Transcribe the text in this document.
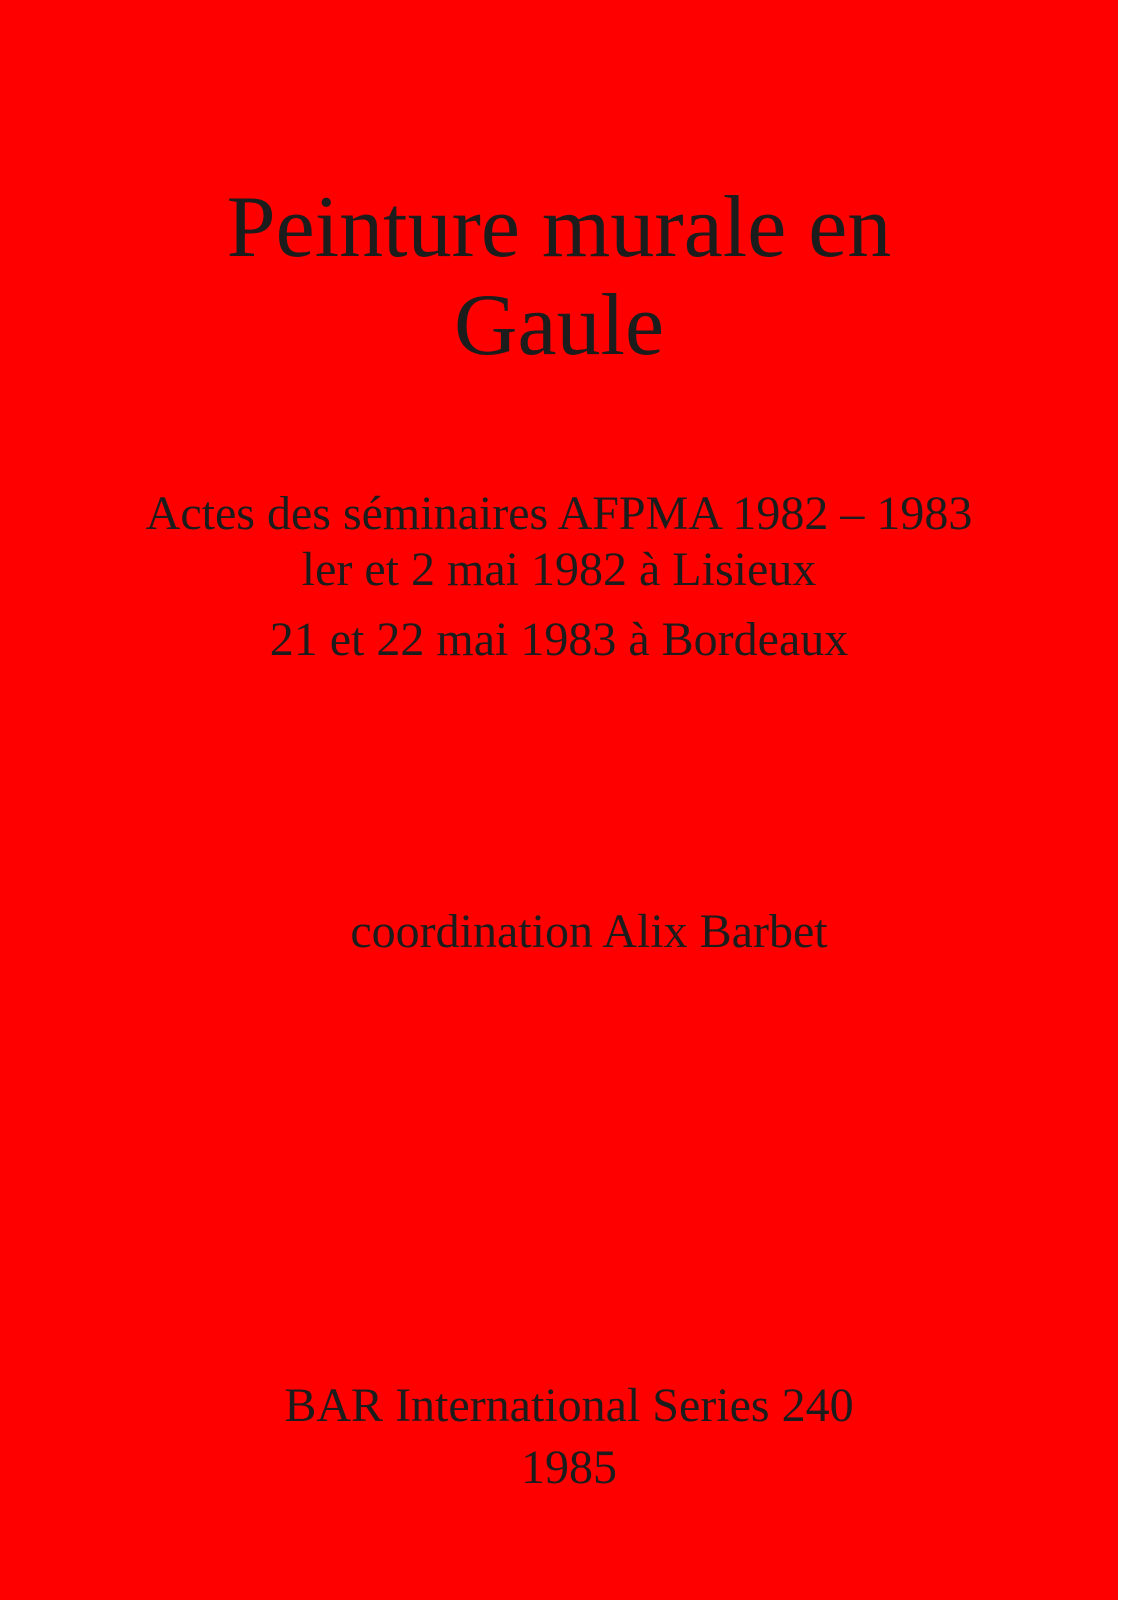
Peinture murale en
Gaule

Actes des séminaires AFPMA 1982 – 1983

ler et 2 mai 1982 à Lisieux

21 et 22 mai 1983 à Bordeaux

coordination Alix Barbet

BAR International Series 240

1985
